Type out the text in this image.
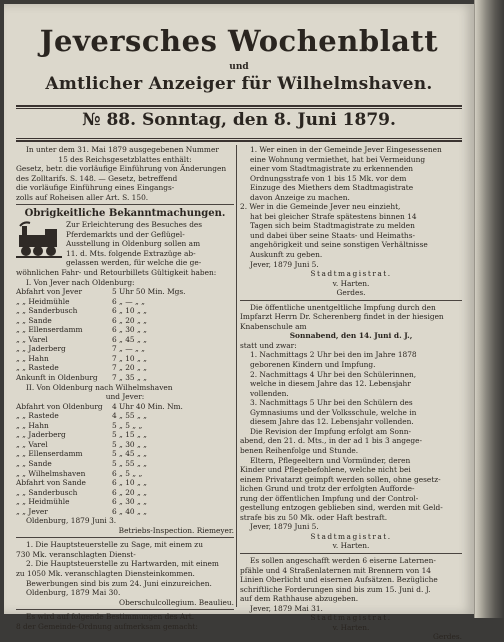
Jeversches Wochenblatt
und
Amtlicher Anzeiger für Wilhelmshaven.
№ 88. Sonntag, den 8. Juni 1879.
In unter dem 31. Mai 1879 ausgegebenen Nummer
15 des Reichsgesetzblattes enthält:
Gesetz, betr. die vorläufige Einführung von Änderungen
des Zolltarifs. S. 148. — Gesetz, betreffend
die vorläufige Einführung eines Eingangs-
zolls auf Roheisen aller Art. S. 150.
Obrigkeitliche Bekanntmachungen.
Zur Erleichterung des Besuches des
Pferdemarkts und der Geflügel-
Ausstellung in Oldenburg sollen am
11. d. Mts. folgende Extrazüge ab-
gelassen werden, für welche die ge-
wöhnlichen Fahr- und Retourbillets Gültigkeit haben:
I. Von Jever nach Oldenburg:
Abfahrt von Jever	5 Uhr 50 Min. Mgs.
„ „ Heidmühle	6 „ — „ „
„ „ Sanderbusch	6 „ 10 „ „
„ „ Sande	6 „ 20 „ „
„ „ Ellenserdamm	6 „ 30 „ „
„ „ Varel	6 „ 45 „ „
„ „ Jaderberg	7 „ — „ „
„ „ Hahn	7 „ 10 „ „
„ „ Rastede	7 „ 20 „ „
Ankunft in Oldenburg 7 „ 35 „ „
II. Von Oldenburg nach Wilhelmshaven
und Jever:
Abfahrt von Oldenburg 4 Uhr 40 Min. Nm.
„ „ Rastede	4 „ 55 „ „
„ „ Hahn	5 „ 5 „ „
„ „ Jaderberg	5 „ 15 „ „
„ „ Varel	5 „ 30 „ „
„ „ Ellenserdamm	5 „ 45 „ „
„ „ Sande	5 „ 55 „ „
„ „ Wilhelmshaven	6 „ 5 „ „
Abfahrt von Sande	6 „ 10 „ „
„ „ Sanderbusch	6 „ 20 „ „
„ „ Heidmühle	6 „ 30 „ „
„ „ Jever	6 „ 40 „ „
Oldenburg, 1879 Juni 3.
Betriebs-Inspection. Riemeyer.
1. Die Hauptsteuerstelle zu Sage, mit einem zu
730 Mk. veranschlagten Dienst-
2. Die Hauptsteuerstelle zu Hartwarden, mit einem
zu 1050 Mk. veranschlagten Diensteinkommen.
Bewerbungen sind bis zum 24. Juni einzureichen.
Oldenburg, 1879 Mai 30.
Oberschulcollegium. Beaulieu.
Es wird auf folgende Bestimmungen des Art.
8 der Gemeinde-Ordnung aufmerksam gemacht:
1. Wer einen in der Gemeinde Jever Eingesessenen
eine Wohnung vermiethet, hat bei Vermeidung
einer vom Stadtmagistrate zu erkennenden
Ordnungsstrafe von 1 bis 15 Mk. vor dem
Einzuge des Miethers dem Stadtmagistrate
davon Anzeige zu machen.
2. Wer in die Gemeinde Jever neu einzieht,
hat bei gleicher Strafe spätestens binnen 14
Tagen sich beim Stadtmagistrate zu melden
und dabei über seine Staats- und Heimaths-
angehörigkeit und seine sonstigen Verhältnisse
Auskunft zu geben.
Jever, 1879 Juni 5.
Stadtmagistrat.
v. Harten.
Gerdes.
Die öffentliche unentgeltliche Impfung durch den
Impfarzt Herrn Dr. Scherenberg findet in der hiesigen
Knabenschule am
Sonnabend, den 14. Juni d. J.,
statt und zwar:
1. Nachmittags 2 Uhr bei den im Jahre 1878
geborenen Kindern und Impfung.
2. Nachmittags 4 Uhr bei den Schülerinnen,
welche in diesem Jahre das 12. Lebensjahr
vollenden.
3. Nachmittags 5 Uhr bei den Schülern des
Gymnasiums und der Volksschule, welche in
diesem Jahre das 12. Lebensjahr vollenden.
Die Revision der Impfung erfolgt am Sonn-
abend, den 21. d. Mts., in der ad 1 bis 3 angege-
benen Reihenfolge und Stunde.
Eltern, Pflegeeltern und Vormünder, deren
Kinder und Pflegebefohlene, welche nicht bei
einem Privatarzt geimpft werden sollen, ohne gesetz-
lichen Grund und trotz der erfolgten Aufforde-
rung der öffentlichen Impfung und der Control-
gestellung entzogen geblieben sind, werden mit Geld-
strafe bis zu 50 Mk. oder Haft bestraft.
Jever, 1879 Juni 5.
Stadtmagistrat.
v. Harten.
Es sollen angeschafft werden 6 eiserne Laternen-
pfähle und 4 Straßenlaternen mit Brennern von 14
Linien Oberlicht und eisernen Aufsätzen. Bezügliche
schriftliche Forderungen sind bis zum 15. Juni d. J.
auf dem Rathhause abzugeben.
Jever, 1879 Mai 31.
Stadtmagistrat.
v. Harten.
Gerdes.
